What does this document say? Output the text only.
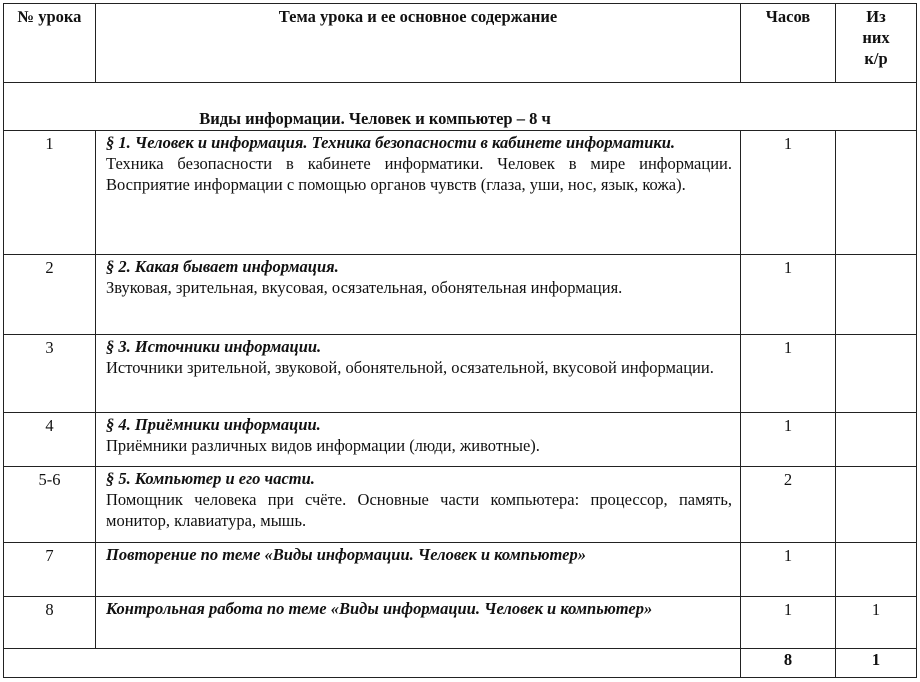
№ урока	Тема урока и ее основное содержание	Часов	Из них к/р
Виды информации. Человек и компьютер – 8 ч			
1	§ 1. Человек и информация. Техника безопасности в кабинете информатики.
Техника безопасности в кабинете информатики. Человек в мире информации. Восприятие информации с помощью органов чувств (глаза, уши, нос, язык, кожа).	1	
2	§ 2. Какая бывает информация.
Звуковая, зрительная, вкусовая, осязательная, обонятельная информация.	1	
3	§ 3. Источники информации.
Источники зрительной, звуковой, обонятельной, осязательной, вкусовой информации.	1	
4	§ 4. Приёмники информации.
Приёмники различных видов информации (люди, животные).	1	
5-6	§ 5. Компьютер и его части.
Помощник человека при счёте. Основные части компьютера: процессор, память, монитор, клавиатура, мышь.	2	
7	Повторение по теме «Виды информации. Человек и компьютер»	1	
8	Контрольная работа по теме «Виды информации. Человек и компьютер»	1	1
		8	1
